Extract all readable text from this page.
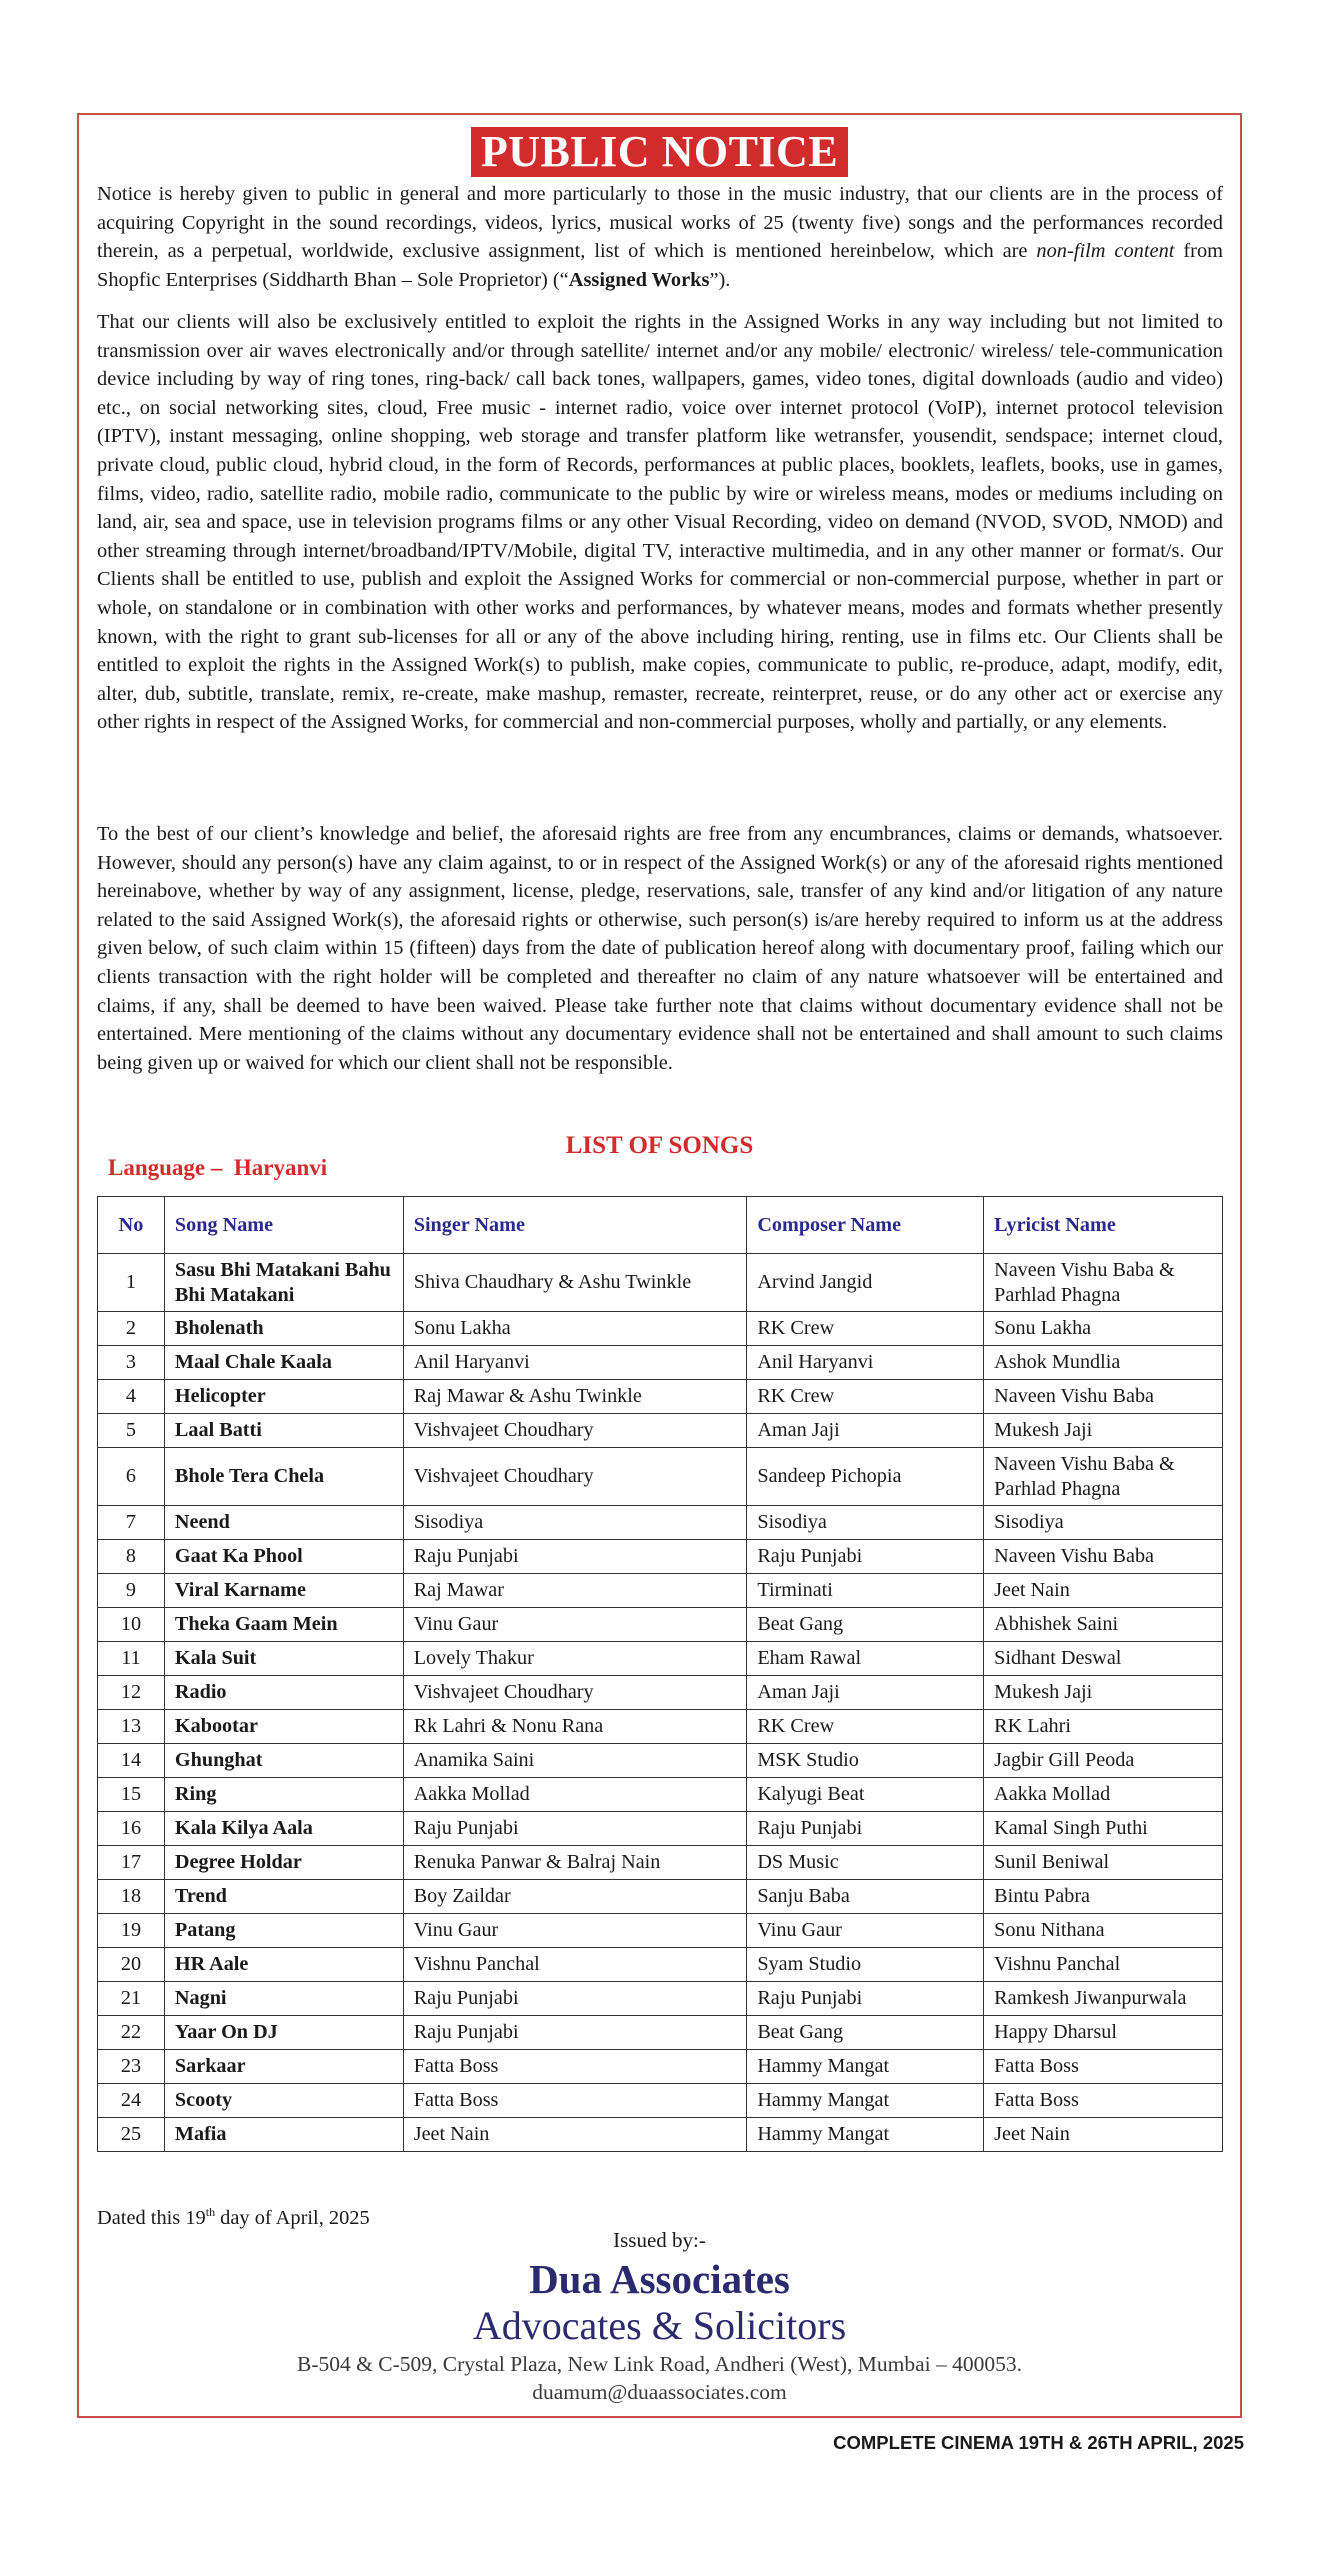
PUBLIC NOTICE

Notice is hereby given to public in general and more particularly to those in the music industry, that our clients are in the process of acquiring Copyright in the sound recordings, videos, lyrics, musical works of 25 (twenty five) songs and the performances recorded therein, as a perpetual, worldwide, exclusive assignment, list of which is mentioned hereinbelow, which are non-film content from Shopfic Enterprises (Siddharth Bhan – Sole Proprietor) (“Assigned Works”).

That our clients will also be exclusively entitled to exploit the rights in the Assigned Works in any way including but not limited to transmission over air waves electronically and/or through satellite/ internet and/or any mobile/ electronic/ wireless/ tele-communication device including by way of ring tones, ring-back/ call back tones, wallpapers, games, video tones, digital downloads (audio and video) etc., on social networking sites, cloud, Free music - internet radio, voice over internet protocol (VoIP), internet protocol television (IPTV), instant messaging, online shopping, web storage and transfer platform like wetransfer, yousendit, sendspace; internet cloud, private cloud, public cloud, hybrid cloud, in the form of Records, performances at public places, booklets, leaflets, books, use in games, films, video, radio, satellite radio, mobile radio, communicate to the public by wire or wireless means, modes or mediums including on land, air, sea and space, use in television programs films or any other Visual Recording, video on demand (NVOD, SVOD, NMOD) and other streaming through internet/broadband/IPTV/Mobile, digital TV, interactive multimedia, and in any other manner or format/s. Our Clients shall be entitled to use, publish and exploit the Assigned Works for commercial or non-commercial purpose, whether in part or whole, on standalone or in combination with other works and performances, by whatever means, modes and formats whether presently known, with the right to grant sub-licenses for all or any of the above including hiring, renting, use in films etc. Our Clients shall be entitled to exploit the rights in the Assigned Work(s) to publish, make copies, communicate to public, re-produce, adapt, modify, edit, alter, dub, subtitle, translate, remix, re-create, make mashup, remaster, recreate, reinterpret, reuse, or do any other act or exercise any other rights in respect of the Assigned Works, for commercial and non-commercial purposes, wholly and partially, or any elements.

To the best of our client’s knowledge and belief, the aforesaid rights are free from any encumbrances, claims or demands, whatsoever. However, should any person(s) have any claim against, to or in respect of the Assigned Work(s) or any of the aforesaid rights mentioned hereinabove, whether by way of any assignment, license, pledge, reservations, sale, transfer of any kind and/or litigation of any nature related to the said Assigned Work(s), the aforesaid rights or otherwise, such person(s) is/are hereby required to inform us at the address given below, of such claim within 15 (fifteen) days from the date of publication hereof along with documentary proof, failing which our clients transaction with the right holder will be completed and thereafter no claim of any nature whatsoever will be entertained and claims, if any, shall be deemed to have been waived. Please take further note that claims without documentary evidence shall not be entertained. Mere mentioning of the claims without any documentary evidence shall not be entertained and shall amount to such claims being given up or waived for which our client shall not be responsible.

LIST OF SONGS
Language –  Haryanvi
No	Song Name	Singer Name	Composer Name	Lyricist Name
1	Sasu Bhi Matakani Bahu Bhi Matakani	Shiva Chaudhary & Ashu Twinkle	Arvind Jangid	Naveen Vishu Baba & Parhlad Phagna
2	Bholenath	Sonu Lakha	RK Crew	Sonu Lakha
3	Maal Chale Kaala	Anil Haryanvi	Anil Haryanvi	Ashok Mundlia
4	Helicopter	Raj Mawar & Ashu Twinkle	RK Crew	Naveen Vishu Baba
5	Laal Batti	Vishvajeet Choudhary	Aman Jaji	Mukesh Jaji
6	Bhole Tera Chela	Vishvajeet Choudhary	Sandeep Pichopia	Naveen Vishu Baba & Parhlad Phagna
7	Neend	Sisodiya	Sisodiya	Sisodiya
8	Gaat Ka Phool	Raju Punjabi	Raju Punjabi	Naveen Vishu Baba
9	Viral Karname	Raj Mawar	Tirminati	Jeet Nain
10	Theka Gaam Mein	Vinu Gaur	Beat Gang	Abhishek Saini
11	Kala Suit	Lovely Thakur	Eham Rawal	Sidhant Deswal
12	Radio	Vishvajeet Choudhary	Aman Jaji	Mukesh Jaji
13	Kabootar	Rk Lahri & Nonu Rana	RK Crew	RK Lahri
14	Ghunghat	Anamika Saini	MSK Studio	Jagbir Gill Peoda
15	Ring	Aakka Mollad	Kalyugi Beat	Aakka Mollad
16	Kala Kilya Aala	Raju Punjabi	Raju Punjabi	Kamal Singh Puthi
17	Degree Holdar	Renuka Panwar & Balraj Nain	DS Music	Sunil Beniwal
18	Trend	Boy Zaildar	Sanju Baba	Bintu Pabra
19	Patang	Vinu Gaur	Vinu Gaur	Sonu Nithana
20	HR Aale	Vishnu Panchal	Syam Studio	Vishnu Panchal
21	Nagni	Raju Punjabi	Raju Punjabi	Ramkesh Jiwanpurwala
22	Yaar On DJ	Raju Punjabi	Beat Gang	Happy Dharsul
23	Sarkaar	Fatta Boss	Hammy Mangat	Fatta Boss
24	Scooty	Fatta Boss	Hammy Mangat	Fatta Boss
25	Mafia	Jeet Nain	Hammy Mangat	Jeet Nain
Dated this 19th day of April, 2025
Issued by:-
Dua Associates
Advocates & Solicitors
B-504 & C-509, Crystal Plaza, New Link Road, Andheri (West), Mumbai – 400053.
duamum@duaassociates.com
COMPLETE CINEMA 19TH & 26TH APRIL, 2025
